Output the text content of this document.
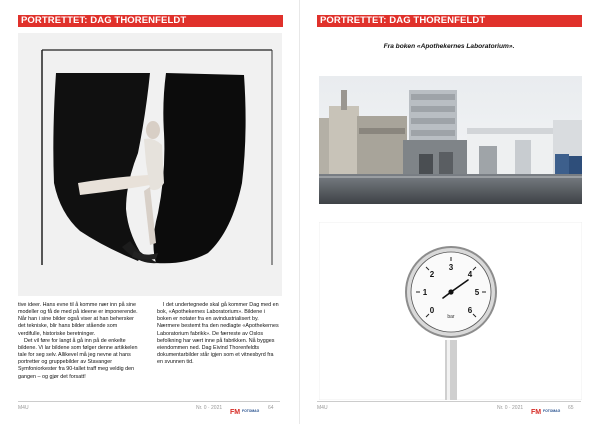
PORTRETTET: DAG THORENFELDT

tive ideer. Hans evne til å komme nær inn på sine modeller og få de med på ideene er imponerende. Når han i sine bilder også viser at han behersker det tekniske, blir hans bilder stående som verdifulle, historiske beretninger.

Det vil føre for langt å gå inn på de enkelte bildene. Vi lar bildene som følger denne artikkelen tale for seg selv. Allikevel må jeg nevne at hans portretter og gruppebilder av Stavanger Symfoniorkester fra 90-tallet traff meg veldig den gangen – og gjør det forsatt!

I det undertegnede skal gå kommer Dag med en bok, «Apothekernes Laboratorium». Bildene i boken er notater fra en avindustrialisert by. Nærmere bestemt fra den nedlagte «Apothekernes Laboratorium fabrikk». De færreste av Oslos befolkning har vært inne på fabrikken. Nå bygges eiendommen ned. Dag Eivind Thorenfeldts dokumentarbilder står igjen som et vitnesbyrd fra en svunnen tid.

M4U	Nr. 0 · 2021
FM FOTOMAG 64
PORTRETTET: DAG THORENFELDT
Fra boken «Apothekernes Laboratorium».
0
1
2
3
4
5
6
bar
M4U	Nr. 0 · 2021
FM FOTOMAG 65
